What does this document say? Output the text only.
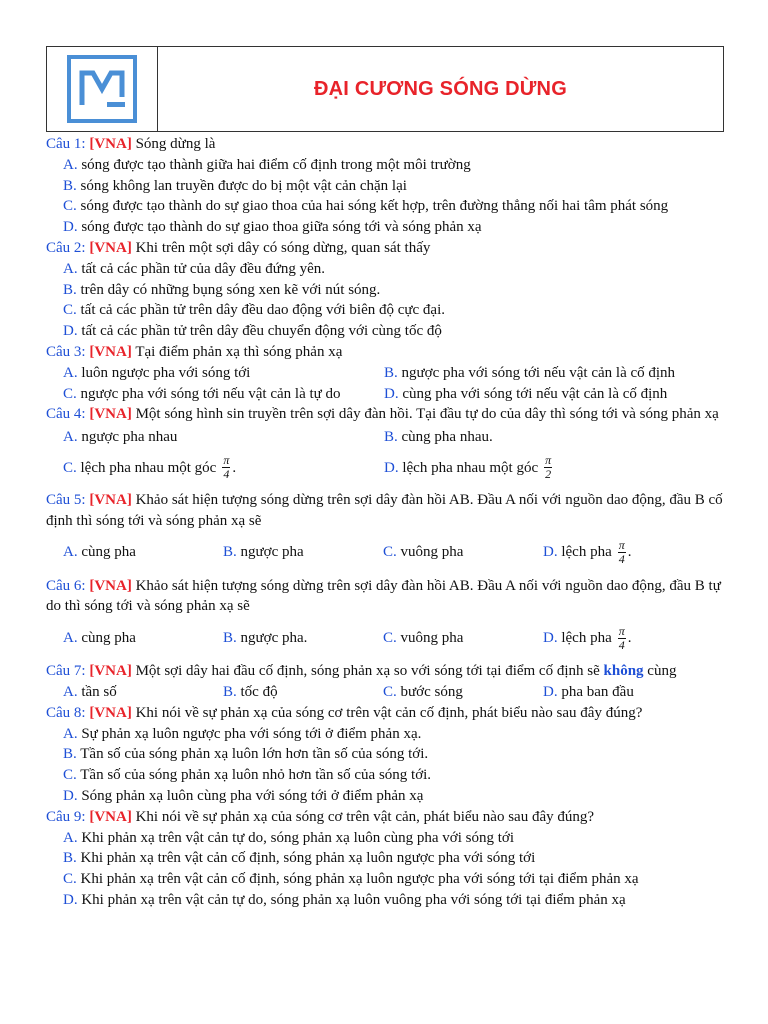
ĐẠI CƯƠNG SÓNG DỪNG
Câu 1: [VNA] Sóng dừng là
A. sóng được tạo thành giữa hai điểm cố định trong một môi trường
B. sóng không lan truyền được do bị một vật cản chặn lại
C. sóng được tạo thành do sự giao thoa của hai sóng kết hợp, trên đường thẳng nối hai tâm phát sóng
D. sóng được tạo thành do sự giao thoa giữa sóng tới và sóng phản xạ
Câu 2: [VNA] Khi trên một sợi dây có sóng dừng, quan sát thấy
A. tất cả các phần tử của dây đều đứng yên.
B. trên dây có những bụng sóng xen kẽ với nút sóng.
C. tất cả các phần tử trên dây đều dao động với biên độ cực đại.
D. tất cả các phần tử trên dây đều chuyển động với cùng tốc độ
Câu 3: [VNA] Tại điểm phản xạ thì sóng phản xạ
A. luôn ngược pha với sóng tới	B. ngược pha với sóng tới nếu vật cản là cố định
C. ngược pha với sóng tới nếu vật cản là tự do	D. cùng pha với sóng tới nếu vật cản là cố định
Câu 4: [VNA] Một sóng hình sin truyền trên sợi dây đàn hồi. Tại đầu tự do của dây thì sóng tới và sóng phản xạ
A. ngược pha nhau	B. cùng pha nhau.
C.
lệch pha nhau một góc $\frac{\pi}{4}$ .	D.
lệch pha nhau một góc $\frac{\pi}{2}$
Câu 5: [VNA] Khảo sát hiện tượng sóng dừng trên sợi dây đàn hồi AB. Đầu A nối với nguồn dao động, đầu B cố định thì sóng tới và sóng phản xạ sẽ
A.
cùng pha	B.
ngược pha	C.
vuông pha	D.
lệch pha $\frac{\pi}{4}$ .
Câu 6: [VNA] Khảo sát hiện tượng sóng dừng trên sợi dây đàn hồi AB. Đầu A nối với nguồn dao động, đầu B tự do thì sóng tới và sóng phản xạ sẽ
A.
cùng pha	B.
ngược pha.	C.
vuông pha	D.
lệch pha $\frac{\pi}{4}$ .
Câu 7: [VNA] Một sợi dây hai đầu cố định, sóng phản xạ so với sóng tới tại điểm cố định sẽ không cùng
A. tần số	B. tốc độ	C. bước sóng	D. pha ban đầu
Câu 8: [VNA] Khi nói về sự phản xạ của sóng cơ trên vật cản cố định, phát biểu nào sau đây đúng?
A. Sự phản xạ luôn ngược pha với sóng tới ở điểm phản xạ.
B. Tần số của sóng phản xạ luôn lớn hơn tần số của sóng tới.
C. Tần số của sóng phản xạ luôn nhỏ hơn tần số của sóng tới.
D. Sóng phản xạ luôn cùng pha với sóng tới ở điểm phản xạ
Câu 9: [VNA] Khi nói về sự phản xạ của sóng cơ trên vật cản, phát biểu nào sau đây đúng?
A. Khi phản xạ trên vật cản tự do, sóng phản xạ luôn cùng pha với sóng tới
B. Khi phản xạ trên vật cản cố định, sóng phản xạ luôn ngược pha với sóng tới
C. Khi phản xạ trên vật cản cố định, sóng phản xạ luôn ngược pha với sóng tới tại điểm phản xạ
D. Khi phản xạ trên vật cản tự do, sóng phản xạ luôn vuông pha với sóng tới tại điểm phản xạ
